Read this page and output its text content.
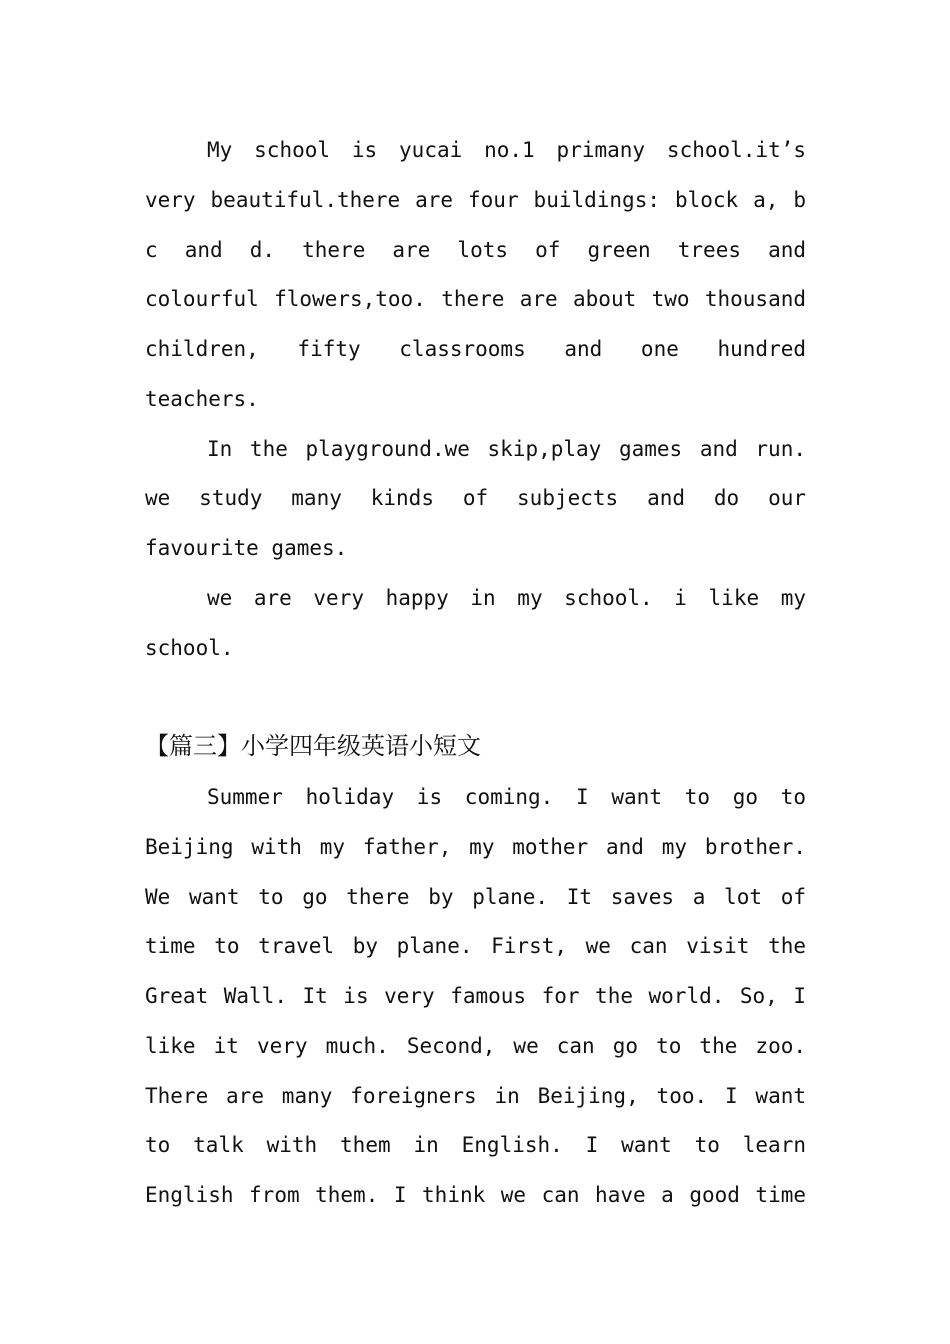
My school is yucai no.1 primany school.it’s
very beautiful.there are four buildings: block a, b
c and d. there are lots of green trees and
colourful flowers,too. there are about two thousand
children, fifty classrooms and one hundred
teachers.
In the playground.we skip,play games and run.
we study many kinds of subjects and do our
favourite games.
we are very happy in my school. i like my
school.
【篇三】小学四年级英语小短文
Summer holiday is coming. I want to go to
Beijing with my father, my mother and my brother.
We want to go there by plane. It saves a lot of
time to travel by plane. First, we can visit the
Great Wall. It is very famous for the world. So, I
like it very much. Second, we can go to the zoo.
There are many foreigners in Beijing, too. I want
to talk with them in English. I want to learn
English from them. I think we can have a good time
